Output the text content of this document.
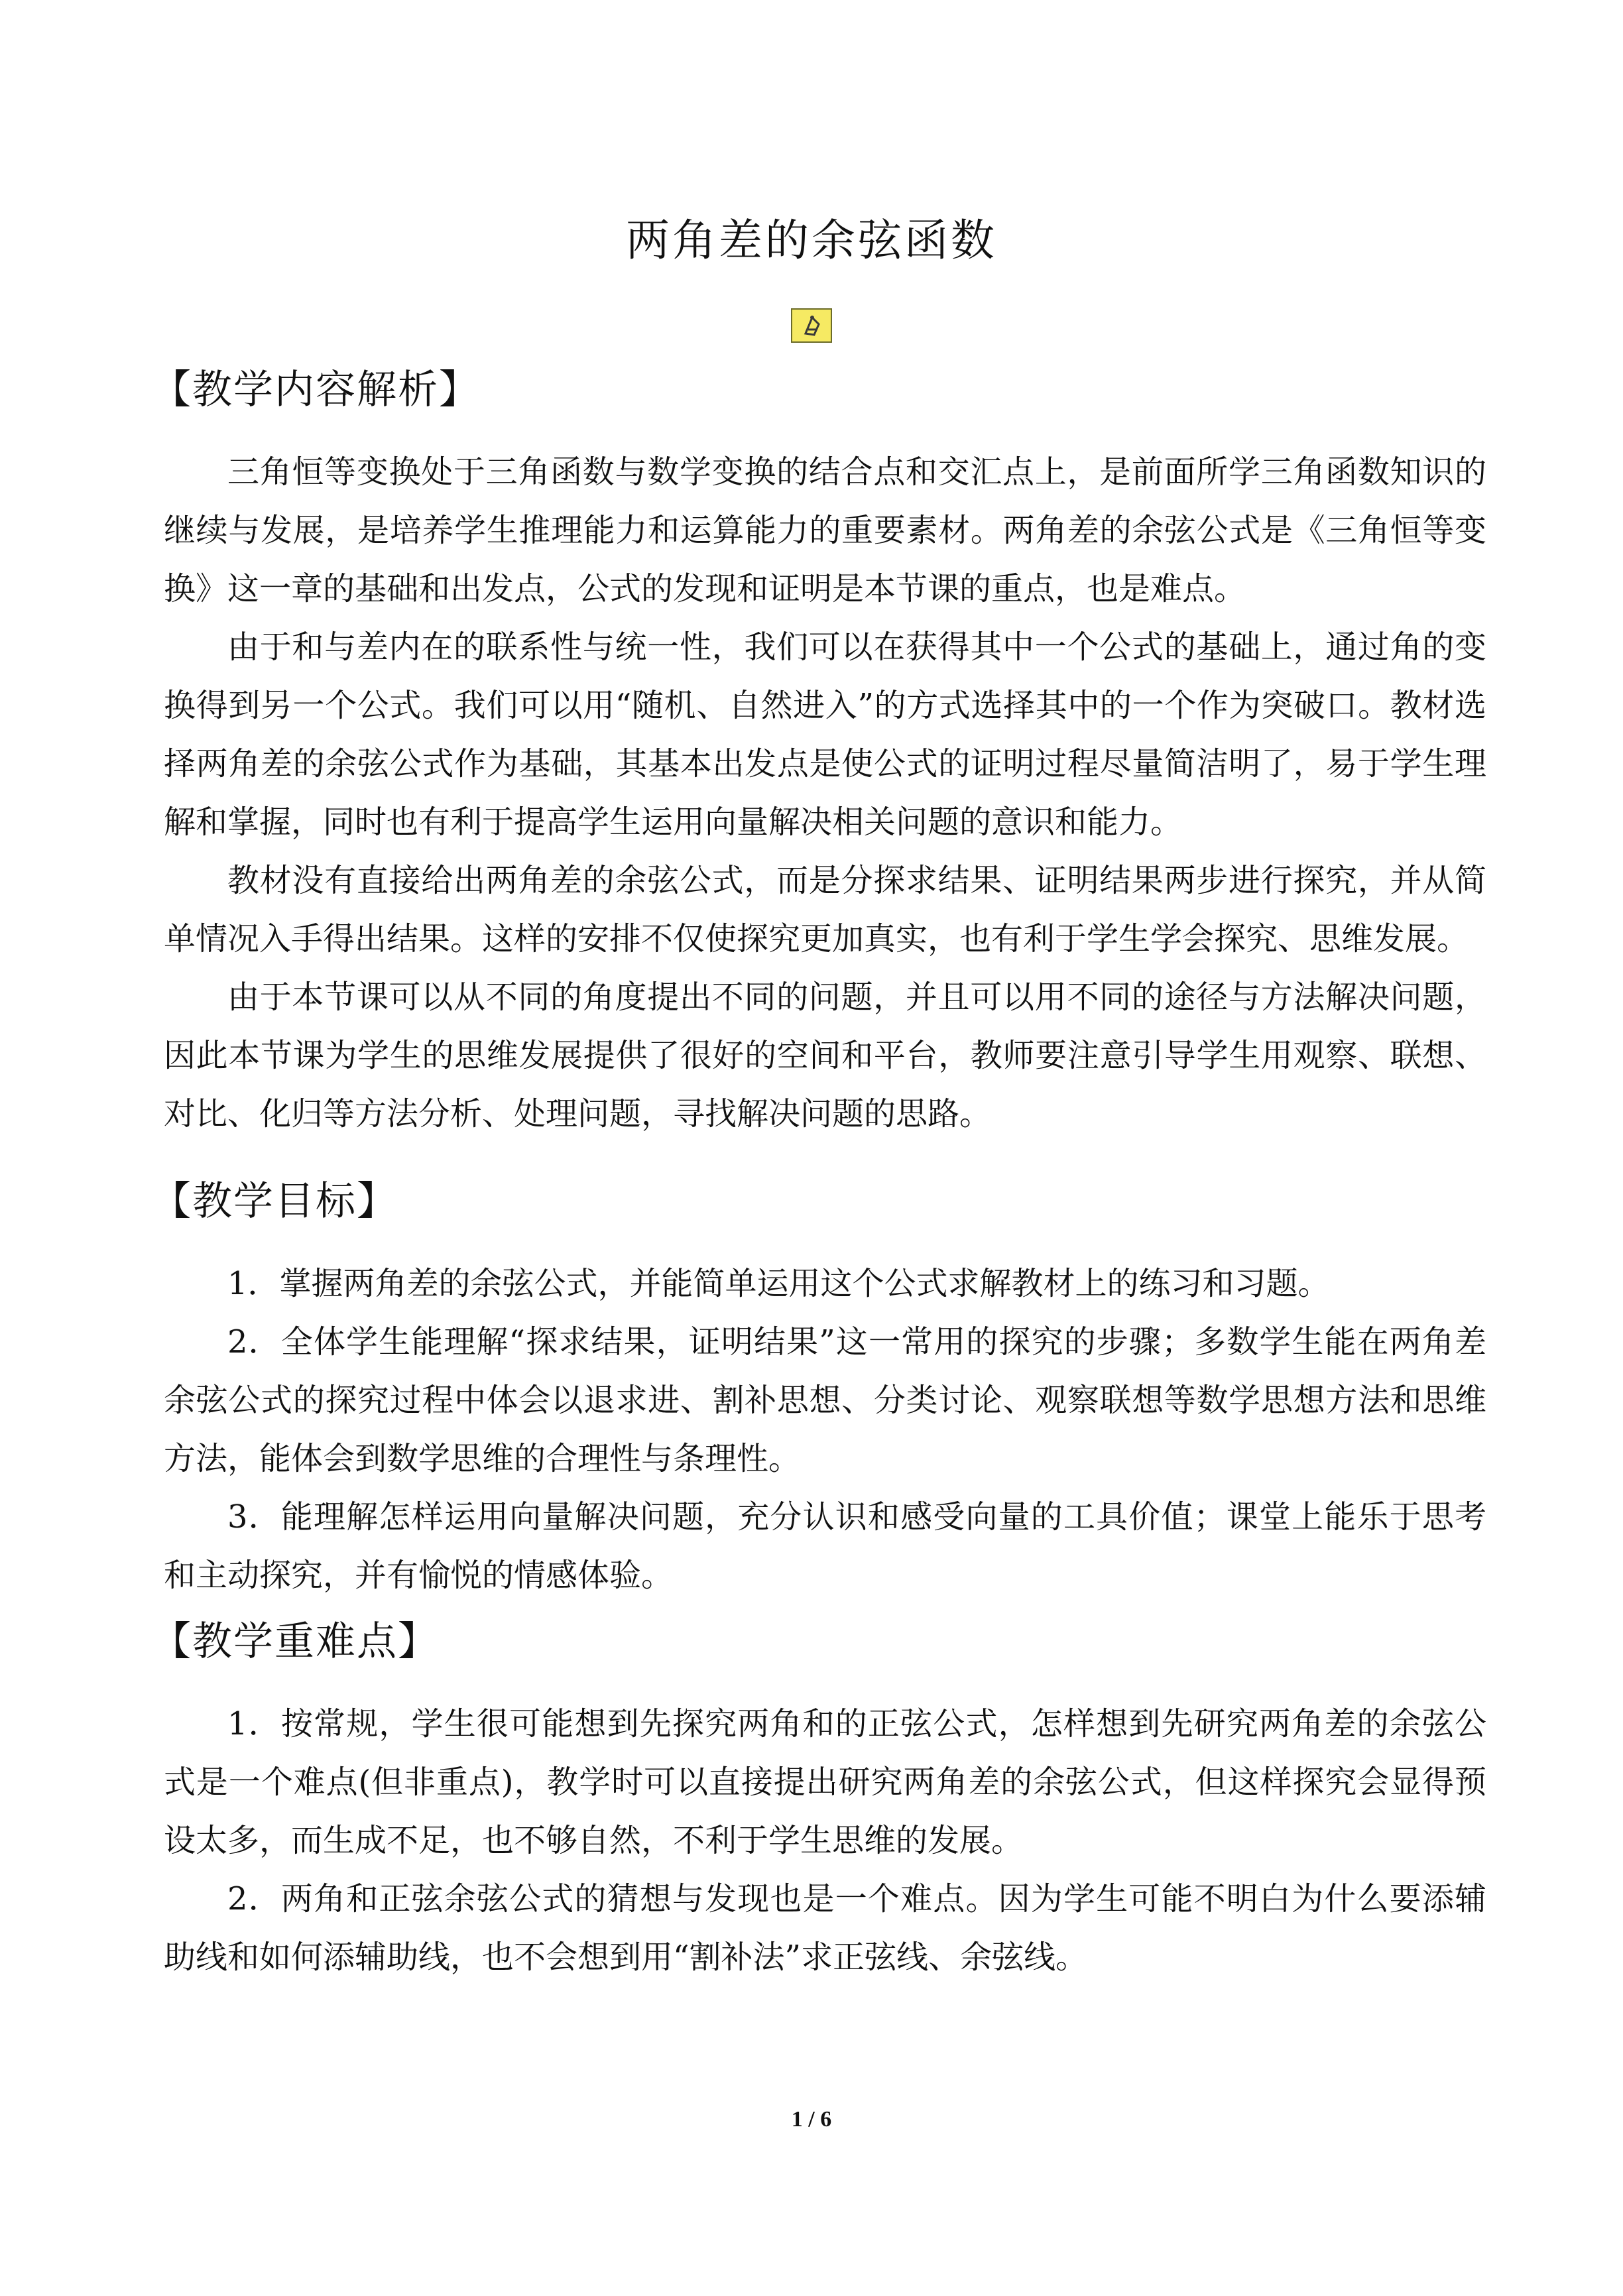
两角差的余弦函数
【教学内容解析】

三角恒等变换处于三角函数与数学变换的结合点和交汇点上，是前面所学三角函数知识的继续与发展，是培养学生推理能力和运算能力的重要素材。两角差的余弦公式是《三角恒等变换》这一章的基础和出发点，公式的发现和证明是本节课的重点，也是难点。

由于和与差内在的联系性与统一性，我们可以在获得其中一个公式的基础上，通过角的变换得到另一个公式。我们可以用“随机、自然进入”的方式选择其中的一个作为突破口。教材选择两角差的余弦公式作为基础，其基本出发点是使公式的证明过程尽量简洁明了，易于学生理解和掌握，同时也有利于提高学生运用向量解决相关问题的意识和能力。

教材没有直接给出两角差的余弦公式，而是分探求结果、证明结果两步进行探究，并从简单情况入手得出结果。这样的安排不仅使探究更加真实，也有利于学生学会探究、思维发展。

由于本节课可以从不同的角度提出不同的问题，并且可以用不同的途径与方法解决问题，因此本节课为学生的思维发展提供了很好的空间和平台，教师要注意引导学生用观察、联想、对比、化归等方法分析、处理问题，寻找解决问题的思路。

【教学目标】

1．掌握两角差的余弦公式，并能简单运用这个公式求解教材上的练习和习题。

2．全体学生能理解“探求结果，证明结果”这一常用的探究的步骤；多数学生能在两角差余弦公式的探究过程中体会以退求进、割补思想、分类讨论、观察联想等数学思想方法和思维方法，能体会到数学思维的合理性与条理性。

3．能理解怎样运用向量解决问题，充分认识和感受向量的工具价值；课堂上能乐于思考和主动探究，并有愉悦的情感体验。

【教学重难点】

1．按常规，学生很可能想到先探究两角和的正弦公式，怎样想到先研究两角差的余弦公式是一个难点(但非重点)，教学时可以直接提出研究两角差的余弦公式，但这样探究会显得预设太多，而生成不足，也不够自然，不利于学生思维的发展。

2．两角和正弦余弦公式的猜想与发现也是一个难点。因为学生可能不明白为什么要添辅助线和如何添辅助线，也不会想到用“割补法”求正弦线、余弦线。

1 / 6
